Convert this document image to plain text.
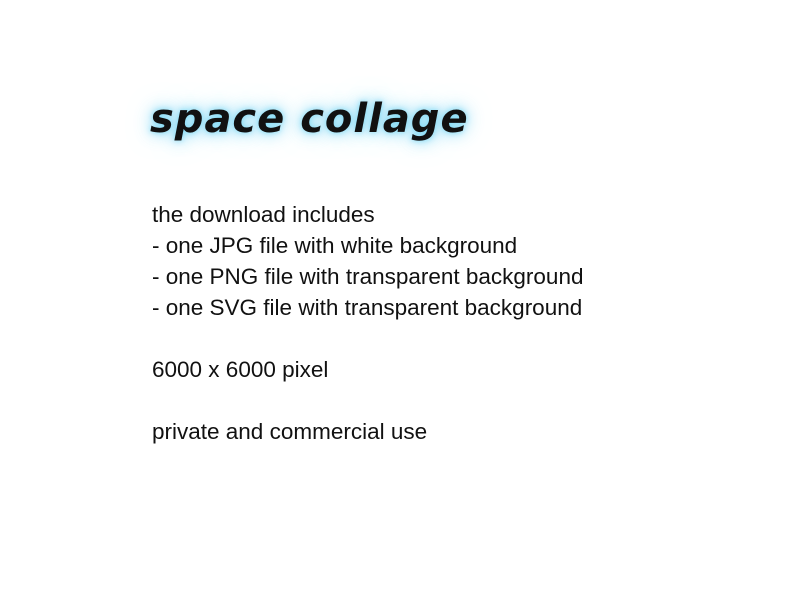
space collage
the download includes
- one JPG file with white background
- one PNG file with transparent background
- one SVG file with transparent background
6000 x 6000 pixel
private and commercial use
